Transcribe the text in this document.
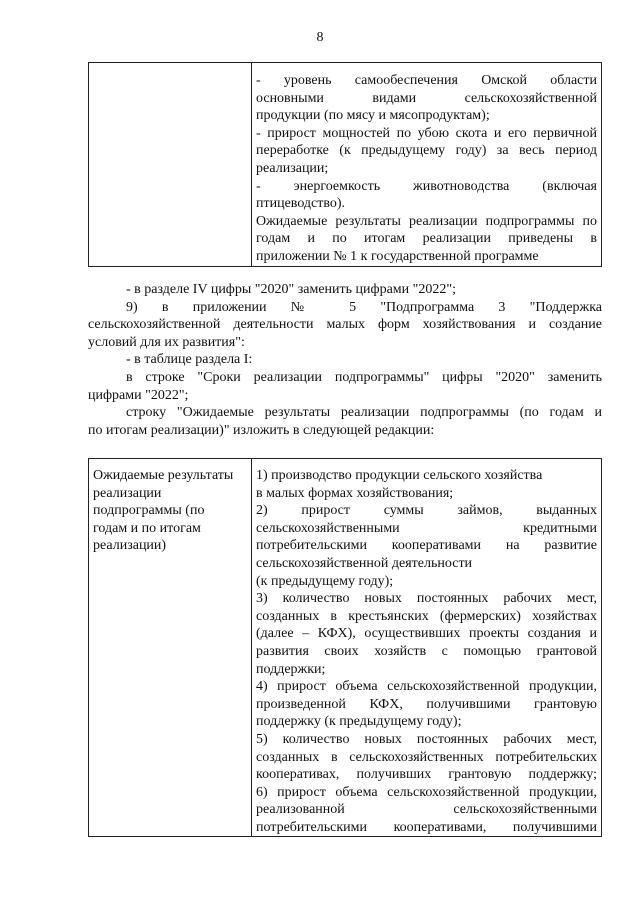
8

- уровень самообеспечения Омской области
основными видами сельскохозяйственной
продукции (по мясу и мясопродуктам);
- прирост мощностей по убою скота и его первичной
переработке (к предыдущему году) за весь период
реализации;
- энергоемкость животноводства (включая
птицеводство).
Ожидаемые результаты реализации подпрограммы по
годам и по итогам реализации приведены в
приложении № 1 к государственной программе
- в разделе IV цифры "2020" заменить цифрами "2022";
9) в приложении № 5 "Подпрограмма 3 "Поддержка
сельскохозяйственной деятельности малых форм хозяйствования и создание
условий для их развития":
- в таблице раздела I:
в строке "Сроки реализации подпрограммы" цифры "2020" заменить
цифрами "2022";
строку "Ожидаемые результаты реализации подпрограммы (по годам и
по итогам реализации)" изложить в следующей редакции:
Ожидаемые результаты
реализации
подпрограммы (по
годам и по итогам
реализации)

1) производство продукции сельского хозяйства
в малых формах хозяйствования;
2) прирост суммы займов, выданных
сельскохозяйственными кредитными
потребительскими кооперативами на развитие
сельскохозяйственной деятельности
(к предыдущему году);
3) количество новых постоянных рабочих мест,
созданных в крестьянских (фермерских) хозяйствах
(далее – КФХ), осуществивших проекты создания и
развития своих хозяйств с помощью грантовой
поддержки;
4) прирост объема сельскохозяйственной продукции,
произведенной КФХ, получившими грантовую
поддержку (к предыдущему году);
5) количество новых постоянных рабочих мест,
созданных в сельскохозяйственных потребительских
кооперативах, получивших грантовую поддержку;
6) прирост объема сельскохозяйственной продукции,
реализованной сельскохозяйственными
потребительскими кооперативами, получившими
